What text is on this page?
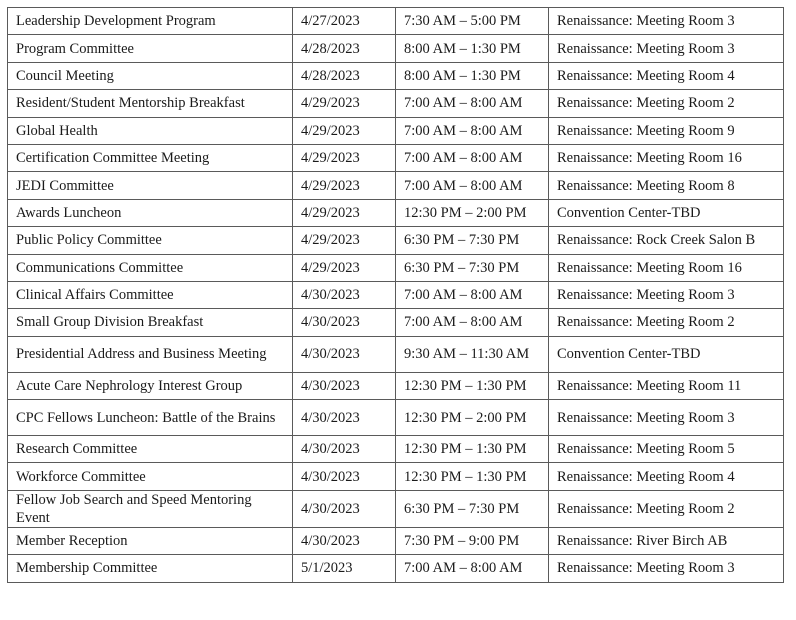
Leadership Development Program	4/27/2023	7:30 AM – 5:00 PM	Renaissance: Meeting Room 3
Program Committee	4/28/2023	8:00 AM – 1:30 PM	Renaissance: Meeting Room 3
Council Meeting	4/28/2023	8:00 AM – 1:30 PM	Renaissance: Meeting Room 4
Resident/Student Mentorship Breakfast	4/29/2023	7:00 AM – 8:00 AM	Renaissance: Meeting Room 2
Global Health	4/29/2023	7:00 AM – 8:00 AM	Renaissance: Meeting Room 9
Certification Committee Meeting	4/29/2023	7:00 AM – 8:00 AM	Renaissance: Meeting Room 16
JEDI Committee	4/29/2023	7:00 AM – 8:00 AM	Renaissance: Meeting Room 8
Awards Luncheon	4/29/2023	12:30 PM – 2:00 PM	Convention Center-TBD
Public Policy Committee	4/29/2023	6:30 PM – 7:30 PM	Renaissance: Rock Creek Salon B
Communications Committee	4/29/2023	6:30 PM – 7:30 PM	Renaissance: Meeting Room 16
Clinical Affairs Committee	4/30/2023	7:00 AM – 8:00 AM	Renaissance: Meeting Room 3
Small Group Division Breakfast	4/30/2023	7:00 AM – 8:00 AM	Renaissance: Meeting Room 2
Presidential Address and Business Meeting	4/30/2023	9:30 AM – 11:30 AM	Convention Center-TBD
Acute Care Nephrology Interest Group	4/30/2023	12:30 PM – 1:30 PM	Renaissance: Meeting Room 11
CPC Fellows Luncheon: Battle of the Brains	4/30/2023	12:30 PM – 2:00 PM	Renaissance: Meeting Room 3
Research Committee	4/30/2023	12:30 PM – 1:30 PM	Renaissance: Meeting Room 5
Workforce Committee	4/30/2023	12:30 PM – 1:30 PM	Renaissance: Meeting Room 4
Fellow Job Search and Speed Mentoring Event	4/30/2023	6:30 PM – 7:30 PM	Renaissance: Meeting Room 2
Member Reception	4/30/2023	7:30 PM – 9:00 PM	Renaissance: River Birch AB
Membership Committee	5/1/2023	7:00 AM – 8:00 AM	Renaissance: Meeting Room 3
